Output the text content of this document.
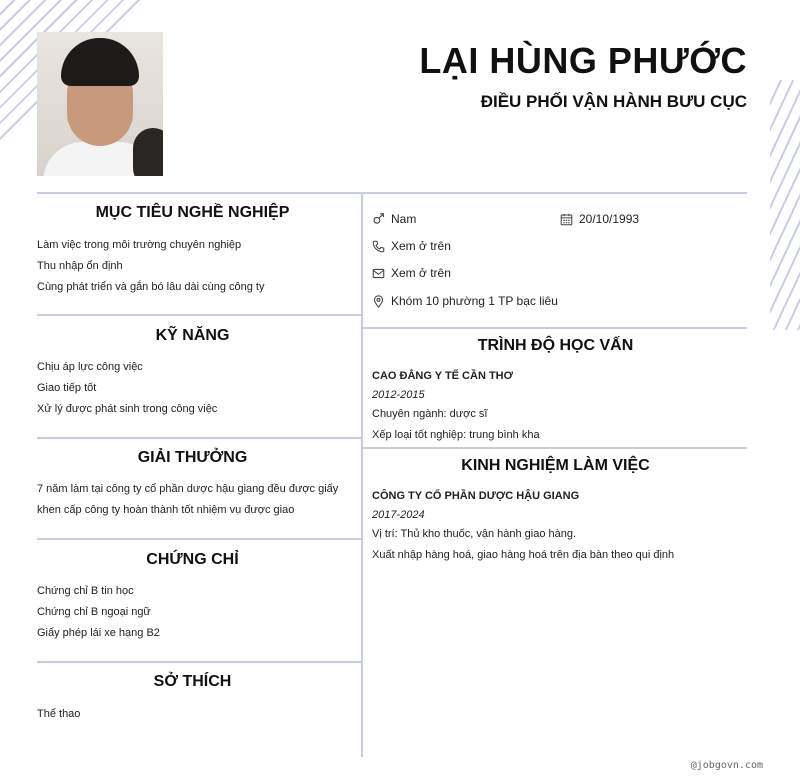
LẠI HÙNG PHƯỚC
ĐIỀU PHỐI VẬN HÀNH BƯU CỤC
MỤC TIÊU NGHỀ NGHIỆP
Làm việc trong môi trường chuyên nghiệp
Thu nhập ổn định
Cùng phát triển và gắn bó lâu dài cùng công ty
KỸ NĂNG
Chịu áp lực công việc
Giao tiếp tốt
Xử lý được phát sinh trong công việc
GIẢI THƯỞNG
7 năm làm tại công ty cổ phần dược hậu giang đều được giấy khen cấp công ty hoàn thành tốt nhiệm vụ được giao
CHỨNG CHỈ
Chứng chỉ B tin học
Chứng chỉ B ngoại ngữ
Giấy phép lái xe hạng B2
SỞ THÍCH
Thể thao
Nam	20/10/1993
Xem ở trên
Xem ở trên
Khóm 10 phường 1 TP bạc liêu
TRÌNH ĐỘ HỌC VẤN
CAO ĐẲNG Y TẾ CẦN THƠ
2012-2015
Chuyên ngành: dược sĩ
Xếp loại tốt nghiệp: trung bình kha
KINH NGHIỆM LÀM VIỆC
CÔNG TY CỔ PHẦN DƯỢC HẬU GIANG
2017-2024
Vị trí: Thủ kho thuốc, vận hành giao hàng.
Xuất nhập hàng hoá, giao hàng hoá trên địa bàn theo qui định
@jobgovn.com
